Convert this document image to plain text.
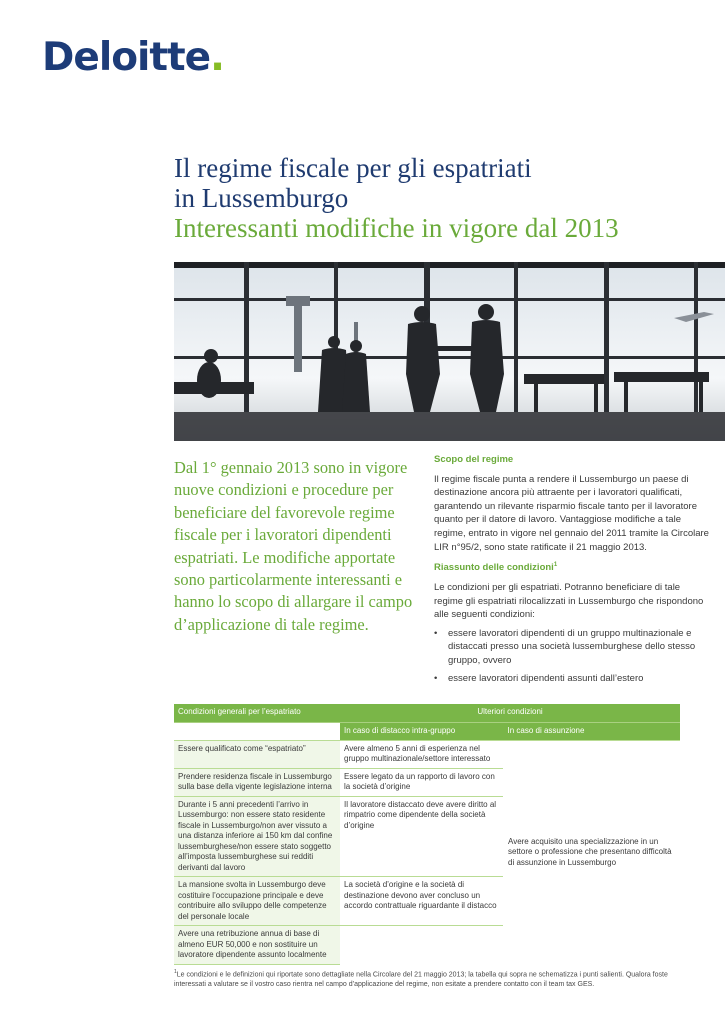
Deloitte.
Il regime fiscale per gli espatriati
in Lussemburgo
Interessanti modifiche in vigore dal 2013
Dal 1° gennaio 2013 sono in vigore nuove condizioni e procedure per beneficiare del favorevole regime fiscale per i lavoratori dipendenti espatriati. Le modifiche apportate sono particolarmente interessanti e hanno lo scopo di allargare il campo d’applicazione di tale regime.
Scopo del regime

Il regime fiscale punta a rendere il Lussemburgo un paese di destinazione ancora più attraente per i lavoratori qualificati, garantendo un rilevante risparmio fiscale tanto per il lavoratore quanto per il datore di lavoro. Vantaggiose modifiche a tale regime, entrato in vigore nel gennaio del 2011 tramite la Circolare LIR n°95/2, sono state ratificate il 21 maggio 2013.

Riassunto delle condizioni$^1$

Le condizioni per gli espatriati. Potranno beneficiare di tale regime gli espatriati rilocalizzati in Lussemburgo che rispondono alle seguenti condizioni:

• essere lavoratori dipendenti di un gruppo multinazionale e distaccati presso una società lussemburghese dello stesso gruppo, ovvero
• essere lavoratori dipendenti assunti dall’estero
Condizioni generali per l’espatriato	Ulteriori condizioni	
	In caso di distacco intra-gruppo	In caso di assunzione
Essere qualificato come “espatriato”	Avere almeno 5 anni di esperienza nel gruppo multinazionale/settore interessato	Avere acquisito una specializzazione in un settore o professione che presentano difficoltà di assunzione in Lussemburgo
Prendere residenza fiscale in Lussemburgo sulla base della vigente legislazione interna	Essere legato da un rapporto di lavoro con la società d’origine	
Durante i 5 anni precedenti l’arrivo in Lussemburgo: non essere stato residente fiscale in Lussemburgo/non aver vissuto a una distanza inferiore ai 150 km dal confine lussemburghese/non essere stato soggetto all’imposta lussemburghese sui redditi derivanti dal lavoro	Il lavoratore distaccato deve avere diritto al rimpatrio come dipendente della società d’origine	
La mansione svolta in Lussemburgo deve costituire l’occupazione principale e deve contribuire allo sviluppo delle competenze del personale locale	La società d’origine e la società di destinazione devono aver concluso un accordo contrattuale riguardante il distacco	
Avere una retribuzione annua di base di almeno EUR 50,000 e non sostituire un lavoratore dipendente assunto localmente		
$^1$Le condizioni e le definizioni qui riportate sono dettagliate nella Circolare del 21 maggio 2013; la tabella qui sopra ne schematizza i punti salienti. Qualora foste interessati a valutare se il vostro caso rientra nel campo d’applicazione del regime, non esitate a prendere contatto con il team tax GES.
